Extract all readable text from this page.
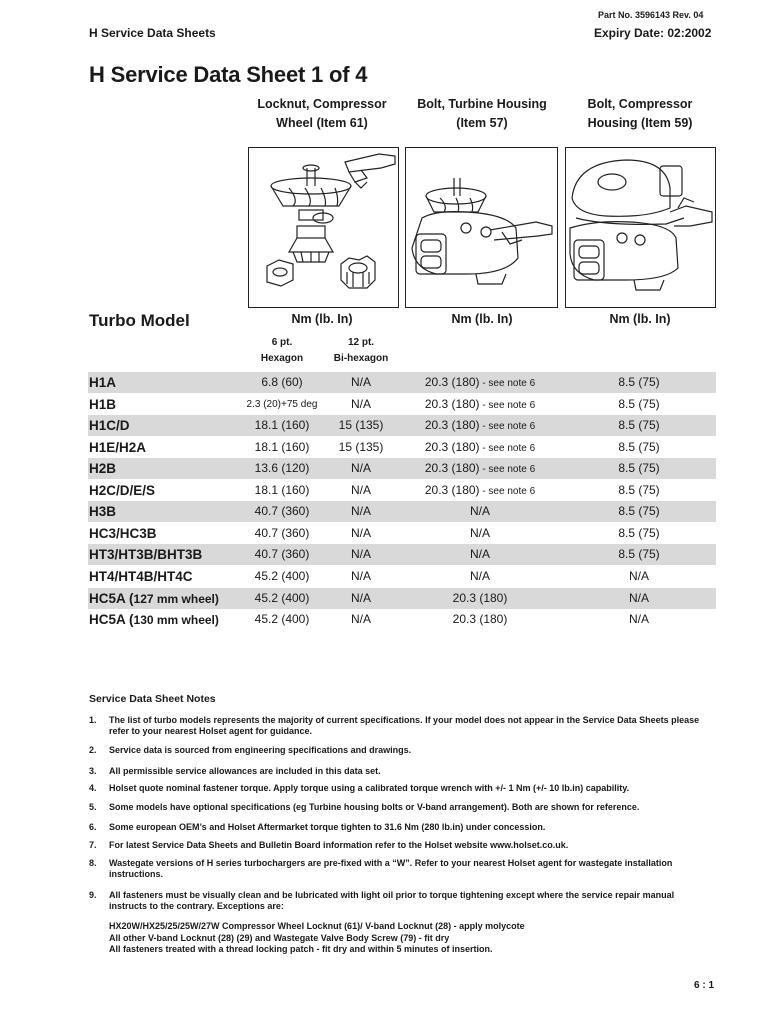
Part No. 3596143 Rev. 04
H Service Data Sheets	Expiry Date: 02:2002
H Service Data Sheet 1 of 4
Locknut, Compressor
Wheel (Item 61)
Bolt, Turbine Housing
(Item 57)
Bolt, Compressor
Housing (Item 59)
Turbo Model	Nm (lb. In)	Nm (lb. In)	Nm (lb. In)
6 pt.
Hexagon
12 pt.
Bi-hexagon
H1A	6.8 (60)	N/A	20.3 (180) - see note 6	8.5 (75)
H1B	2.3 (20)+75 deg	N/A	20.3 (180) - see note 6	8.5 (75)
H1C/D	18.1 (160)	15 (135)	20.3 (180) - see note 6	8.5 (75)
H1E/H2A	18.1 (160)	15 (135)	20.3 (180) - see note 6	8.5 (75)
H2B	13.6 (120)	N/A	20.3 (180) - see note 6	8.5 (75)
H2C/D/E/S	18.1 (160)	N/A	20.3 (180) - see note 6	8.5 (75)
H3B	40.7 (360)	N/A	N/A	8.5 (75)
HC3/HC3B	40.7 (360)	N/A	N/A	8.5 (75)
HT3/HT3B/BHT3B	40.7 (360)	N/A	N/A	8.5 (75)
HT4/HT4B/HT4C	45.2 (400)	N/A	N/A	N/A
HC5A (127 mm wheel)	45.2 (400)	N/A	20.3 (180)	N/A
HC5A (130 mm wheel)	45.2 (400)	N/A	20.3 (180)	N/A
Service Data Sheet Notes
1.	The list of turbo models represents the majority of current specifications. If your model does not appear in the Service Data Sheets please refer to your nearest Holset agent for guidance.
2.	Service data is sourced from engineering specifications and drawings.
3.	All permissible service allowances are included in this data set.
4.	Holset quote nominal fastener torque. Apply torque using a calibrated torque wrench with +/- 1 Nm (+/- 10 lb.in) capability.
5.	Some models have optional specifications (eg Turbine housing bolts or V-band arrangement). Both are shown for reference.
6.	Some european OEM’s and Holset Aftermarket torque tighten to 31.6 Nm (280 lb.in) under concession.
7.	For latest Service Data Sheets and Bulletin Board information refer to the Holset website www.holset.co.uk.
8.	Wastegate versions of H series turbochargers are pre-fixed with a “W”. Refer to your nearest Holset agent for wastegate installation instructions.
9.	All fasteners must be visually clean and be lubricated with light oil prior to torque tightening except where the service repair manual instructs to the contrary. Exceptions are:
HX20W/HX25/25/25W/27W Compressor Wheel Locknut (61)/ V-band Locknut (28) - apply molycote
All other V-band Locknut (28) (29) and Wastegate Valve Body Screw (79) - fit dry
All fasteners treated with a thread locking patch - fit dry and within 5 minutes of insertion.
6 : 1
